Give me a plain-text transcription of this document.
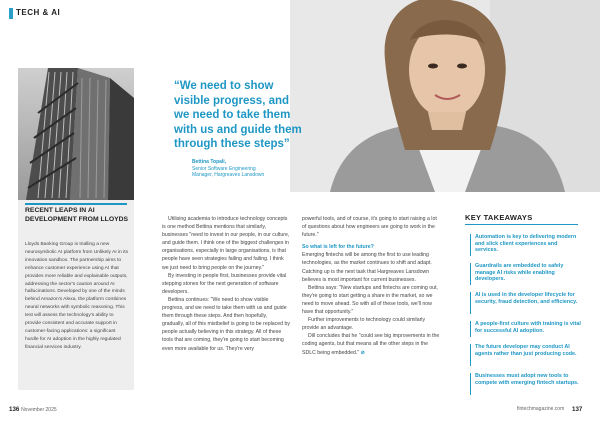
TECH & AI
“We need to show visible progress, and we need to take them with us and guide them through these steps”
Bettina Topali,
Senior Software Engineering Manager, Hargreaves Lansdown
RECENT LEAPS IN AI DEVELOPMENT FROM LLOYDS
Lloyds Banking Group is trialling a new neurosymbolic AI platform from Unlikely AI in its innovation sandbox. The partnership aims to enhance customer experience using AI that provides more reliable and explainable outputs, addressing the sector's caution around AI hallucinations. Developed by one of the minds behind Amazon's Alexa, the platform combines neural networks with symbolic reasoning. This test will assess the technology's ability to provide consistent and accurate support in customer-facing applications: a significant hurdle for AI adoption in the highly regulated financial services industry.

Utilising academia to introduce technology concepts is one method Bettina mentions that similarly, businesses "need to invest in our people, in our culture, and guide them. I think one of the biggest challenges in organisations, especially in large organisations, is that people have seen strategies failing and failing. I think we just need to bring people on the journey."

By investing in people first, businesses provide vital stepping stones for the next generation of software developers.

Bettina continues: "We need to show visible progress, and we need to take them with us and guide them through these steps. And then hopefully, gradually, all of this mistbelief is going to be replaced by people actually believing in this strategy. All of these tools that are coming, they're going to start becoming even more available for us. They're very

powerful tools, and of course, it's going to start raising a lot of questions about how engineers are going to work in the future."

So what is left for the future?

Emerging fintechs will be among the first to use leading technologies, as the market continues to shift and adapt. Catching up is the next task that Hargreaves Lansdown believes is most important for current businesses.

Bettina says: "New startups and fintechs are coming out, they're going to start getting a share in the market, so we need to move ahead. So with all of these tools, we'll now have that opportunity."

Further improvements to technology could similarly provide an advantage.

Dill concludes that he "could see big improvements in the coding agents, but that means all the other steps in the SDLC being embedded." ⊘

KEY TAKEAWAYS
Automation is key to delivering modern and slick client experiences and services.
Guardrails are embedded to safely manage AI risks while enabling developers.
AI is used in the developer lifecycle for security, fraud detection, and efficiency.
A people-first culture with training is vital for successful AI adoption.
The future developer may conduct AI agents rather than just producing code.
Businesses must adopt new tools to compete with emerging fintech startups.
136 November 2025	fintechmagazine.com 137
